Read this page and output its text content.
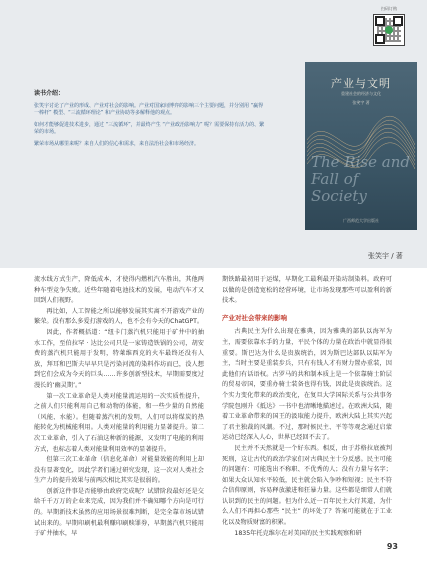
扫码订购
读书介绍：

张笑宇讨论了产业的形成、产业对社会的影响。产业对国家间博弈的影响三个主要问题，并分别用 “赢得一棒杆” 模型、“三流循环理论” 和产业协助等多解释他的观点。

如何才能够促进技术进步，通过 “三流循环”，并最终产生 “产业政治影响力” 呢？需要保持有活力的、繁荣的市场。

繁荣市场从哪里来呢？来自人们的信心和需求，来自法治社会和市场经济。

产业与文明
重建社会的经济与文化
张笑宇 著
The Rise and Fall of Society
广西师范大学出版社
张笑宇 / 著

流水线方式生产，降低成本，才使得内燃机汽车胜出，其他两种车型竞争失败。近些年随着电池技术的发展，电动汽车才又回到人们视野。

再比如，人工智能之所以能够发展其实离不开游戏产业的繁荣。没有那么多爱打游戏的人，也不会有今天的ChatGPT。

因此，作者概括道：“纽卡门蒸汽机只能用于矿井中的抽水工作，至伯拉罕 · 达比公司只是一家铸造铁锅的公司，胡安费的蒸汽机只能用于发明，特莱维西克的火车最终还没有人放，拜耳和巴斯夫早早只是污染河流的染料作坊而已，没人想到它们会成为今天的巨头……许多创新型技术，早期需要度过漫长的‘幽灵期’。”

第一次工业革命是人类对能量流运用的一次实质性提升，之前人们只能利用自己和动物的体能，和一些少量的自然能（风能、水能）。但随着蒸汽机的发明，人们可以将煤炭的热能转化为机械能利用。人类对能量的利用能力显著提升。第二次工业革命，引入了石油这种新的能源，又发明了电能的利用方式，也标志着人类对能量利用效率的显著提升。

但第三次工业革命（信息化革命）对能量效能的利用上却没有显著变化，因此学者们通过研究发现，这一次对人类社会生产力的提升效果与前两次相比其实是很弱的。

创新这件事是否能够由政府完成呢？试错阶段最好还是交给千千万万的企业来完成，因为我们并不确知哪个方向是可行的。早期新技术虽然的应用场景很难判断，是完全靠市场试错试出来的。早期印刷机最利赚印刷赎罪券，早期蒸汽机只能用于矿井抽水，早

期铁路最初用于运煤，早期化工最利最开染坊制染料。政府可以做的是创造宽松的经营环境，让市场发现那些可以盈利的新技术。

产业对社会带来的影响

古典民主为什么出现在雅典，因为雅典的部队以海军为主，需要依靠水手的力量，平民个体的力量在政治中就显得很重要。斯巴达为什么是贵族统治，因为斯巴达部队以陆军为主，当时主要是重装步兵，只有有钱人才有财力置办重装，因此他们有话语权。古罗马的共和制本质上是一个依靠骑士阶层的贸易帝国，要重办骑士装备也得有钱，因此是贵族统治。这个实力变化带来的政治变化，在复旦大学国际关系与公共事务学院包刚升《抵达》一书中也清晰地描述过。在欧洲大陆，随着工业革命带来的国王的汲取能力提升，欧洲大陆上其实兴起了君主独裁的风潮。不过，那时候民主、平等等观念通过启蒙运动已经深入人心，世界已经回不去了。

民主并不天然就是一个好东西。相反，由于苏格拉底被判死刑，这让古代的政治学家们对古典民主十分反感。民主可能的问题有：可能选出不称职、不优秀的人；没有力量与名字；如果大众认知水平较低，民主就会陷入争吵和短视；民主不符合信仰原则，容易释放激进和狂暴力量。这些都是细常人们就认识到的民主的问题。但为什么近一百年民主大行其道，为什么人们不再担心那些 “民主” 的坏处了？答案可能就在于工业化以及物质财富的积累。

1835年托克维尔在对美国的民主实践观察和研

93
